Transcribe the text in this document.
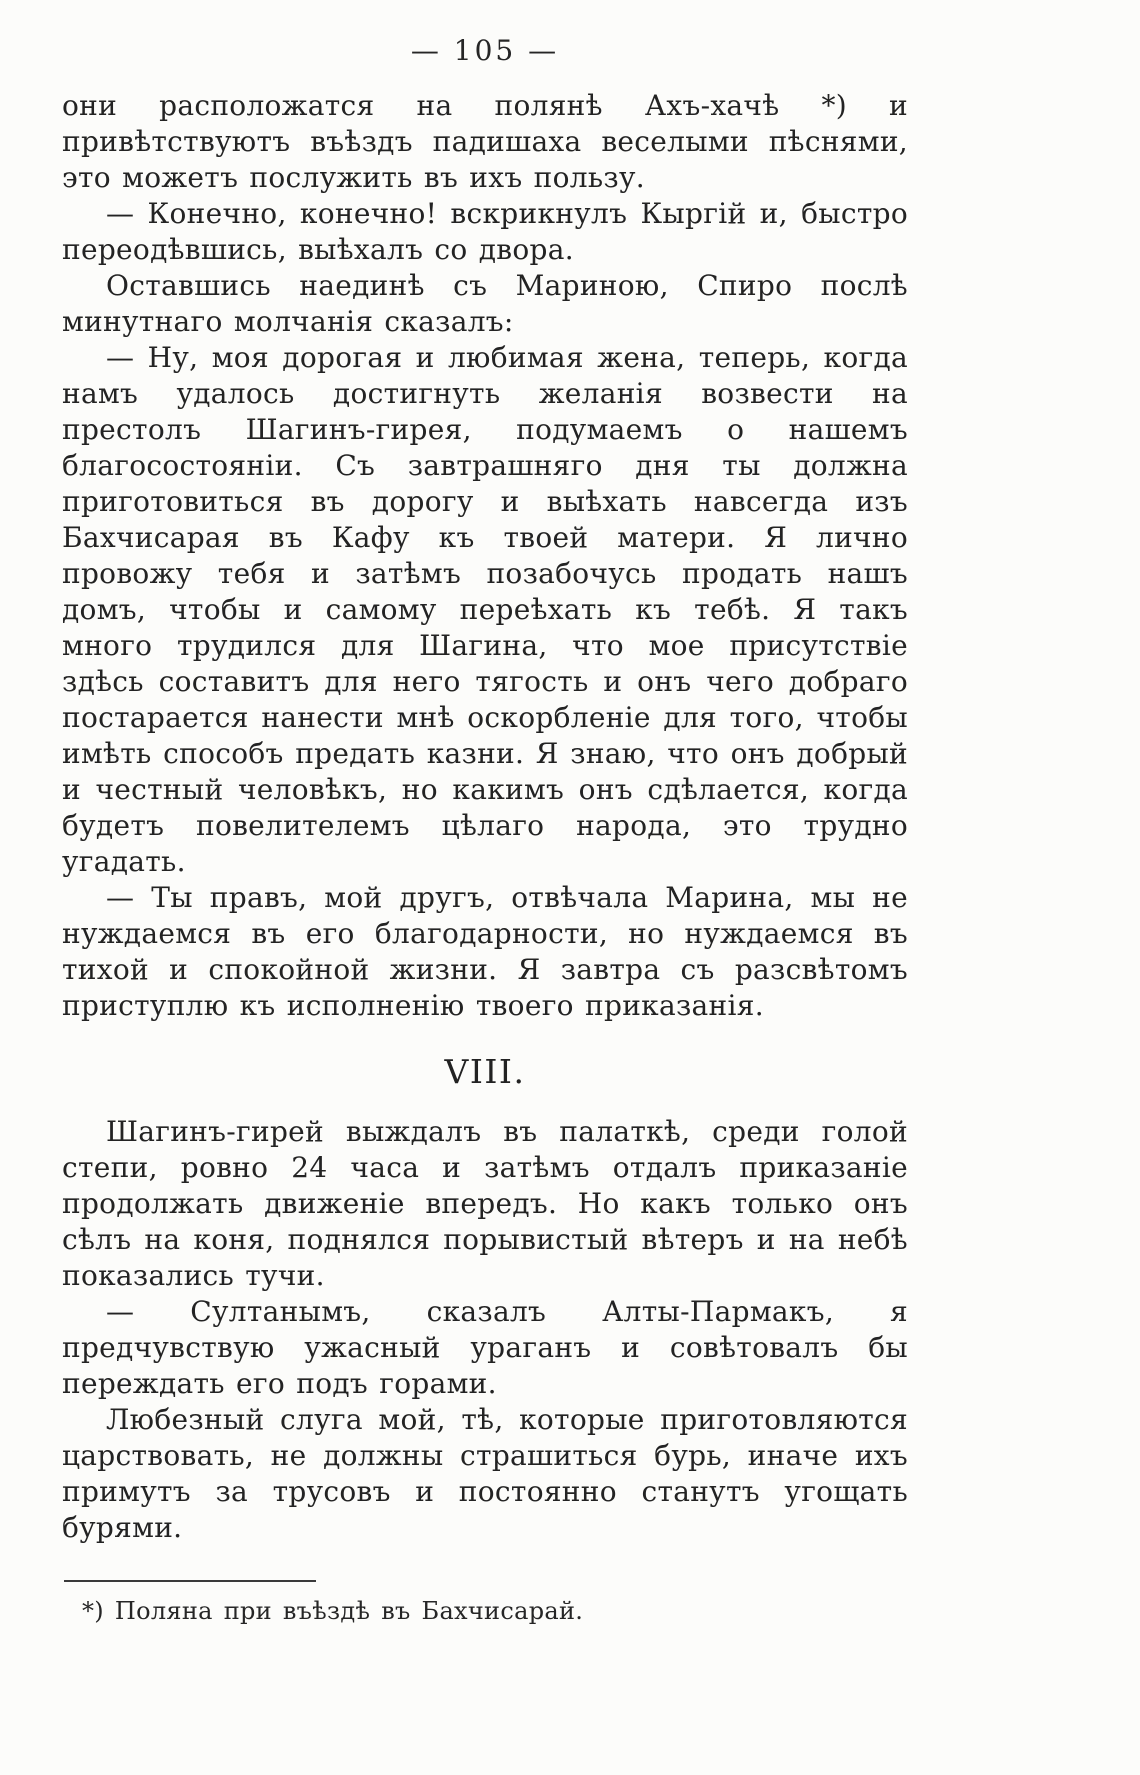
— 105 —

они расположатся на полянѣ Ахъ-хачѣ *) и привѣтствуютъ въѣздъ падишаха веселыми пѣснями, это можетъ послужить въ ихъ пользу.

— Конечно, конечно! вскрикнулъ Кыргій и, быстро переодѣвшись, выѣхалъ со двора.

Оставшись наединѣ съ Мариною, Спиро послѣ минутнаго молчанія сказалъ:

— Ну, моя дорогая и любимая жена, теперь, когда намъ удалось достигнуть желанія возвести на престолъ Шагинъ-гирея, подумаемъ о нашемъ благосостояніи. Съ завтрашняго дня ты должна приготовиться въ дорогу и выѣхать навсегда изъ Бахчисарая въ Кафу къ твоей матери. Я лично провожу тебя и затѣмъ позабочусь продать нашъ домъ, чтобы и самому переѣхать къ тебѣ. Я такъ много трудился для Шагина, что мое присутствіе здѣсь составитъ для него тягость и онъ чего добраго постарается нанести мнѣ оскорбленіе для того, чтобы имѣть способъ предать казни. Я знаю, что онъ добрый и честный человѣкъ, но какимъ онъ сдѣлается, когда будетъ повелителемъ цѣлаго народа, это трудно угадать.

— Ты правъ, мой другъ, отвѣчала Марина, мы не нуждаемся въ его благодарности, но нуждаемся въ тихой и спокойной жизни. Я завтра съ разсвѣтомъ приступлю къ исполненію твоего приказанія.

VIII.

Шагинъ-гирей выждалъ въ палаткѣ, среди голой степи, ровно 24 часа и затѣмъ отдалъ приказаніе продолжать движеніе впередъ. Но какъ только онъ сѣлъ на коня, поднялся порывистый вѣтеръ и на небѣ показались тучи.

— Султанымъ, сказалъ Алты-Пармакъ, я предчувствую ужасный ураганъ и совѣтовалъ бы переждать его подъ горами.

Любезный слуга мой, тѣ, которые приготовляются царствовать, не должны страшиться бурь, иначе ихъ примутъ за трусовъ и постоянно станутъ угощать бурями.

*) Поляна при въѣздѣ въ Бахчисарай.
